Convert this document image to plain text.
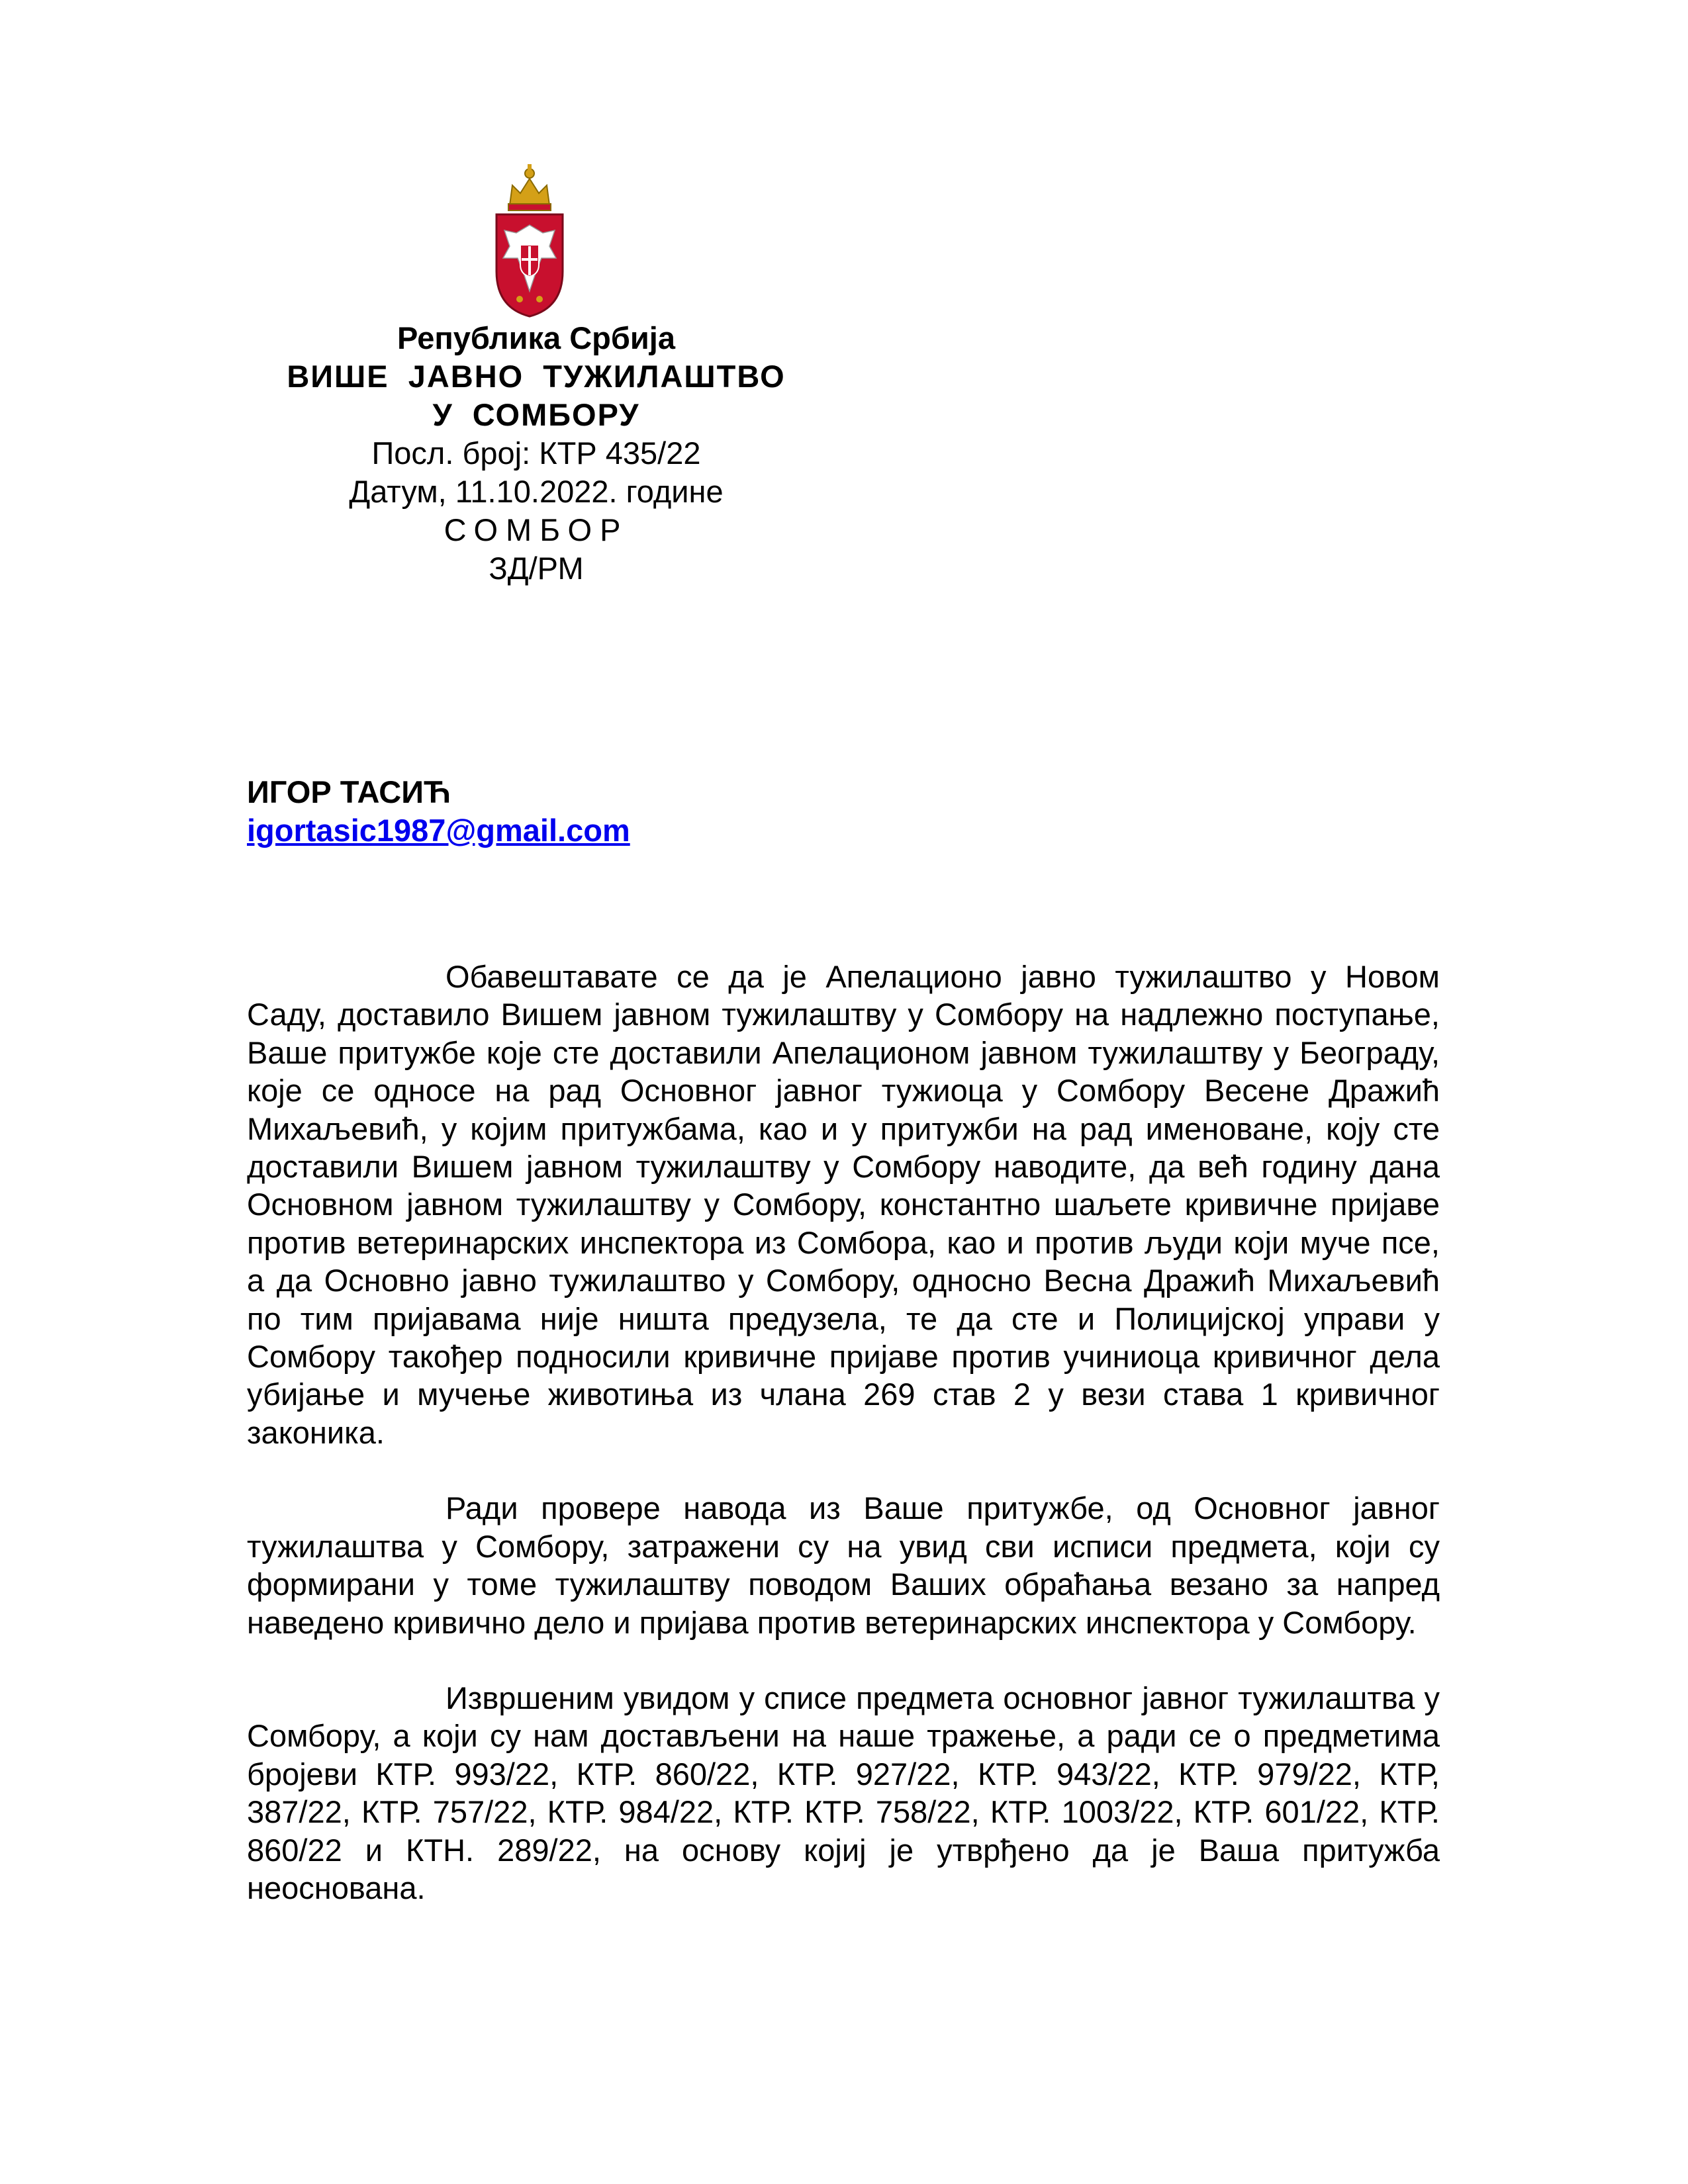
Република Србија
ВИШЕ ЈАВНО ТУЖИЛАШТВО
У СОМБОРУ
Посл. број: КТР 435/22
Датум, 11.10.2022. године
СОМБОР
ЗД/РМ
ИГОР ТАСИЋ
igortasic1987@gmail.com

Обавештавате се да је Апелационо јавно тужилаштво у Новом Саду, доставило Вишем јавном тужилаштву у Сомбору на надлежно поступање, Ваше притужбе које сте доставили Апелационом јавном тужилаштву у Београду, које се односе на рад Основног јавног тужиоца у Сомбору Весене Дражић Михаљевић, у којим притужбама, као и у притужби на рад именоване, коју сте доставили Вишем јавном тужилаштву у Сомбору наводите, да већ годину дана Основном јавном тужилаштву у Сомбору, константно шаљете кривичне пријаве против ветеринарских инспектора из Сомбора, као и против људи који муче псе, а да Основно јавно тужилаштво у Сомбору, односно Весна Дражић Михаљевић по тим пријавама није ништа предузела, те да сте и Полицијској управи у Сомбору такођер подносили кривичне пријаве против учиниоца кривичног дела убијање и мучење животиња из члана 269 став 2 у вези става 1 кривичног законика.

Ради провере навода из Ваше притужбе, од Основног јавног тужилаштва у Сомбору, затражени су на увид сви исписи предмета, који су формирани у томе тужилаштву поводом Ваших обраћања везано за напред наведено кривично дело и пријава против ветеринарских инспектора у Сомбору.

Извршеним увидом у списе предмета основног јавног тужилаштва у Сомбору, а који су нам достављени на наше тражење, а ради се о предметима бројеви КТР. 993/22, КТР. 860/22, КТР. 927/22, КТР. 943/22, КТР. 979/22, КТР, 387/22, КТР. 757/22, КТР. 984/22, КТР. КТР. 758/22, КТР. 1003/22, КТР. 601/22, КТР. 860/22 и КТН. 289/22, на основу којиј је утврђено да је Ваша притужба неоснована.
